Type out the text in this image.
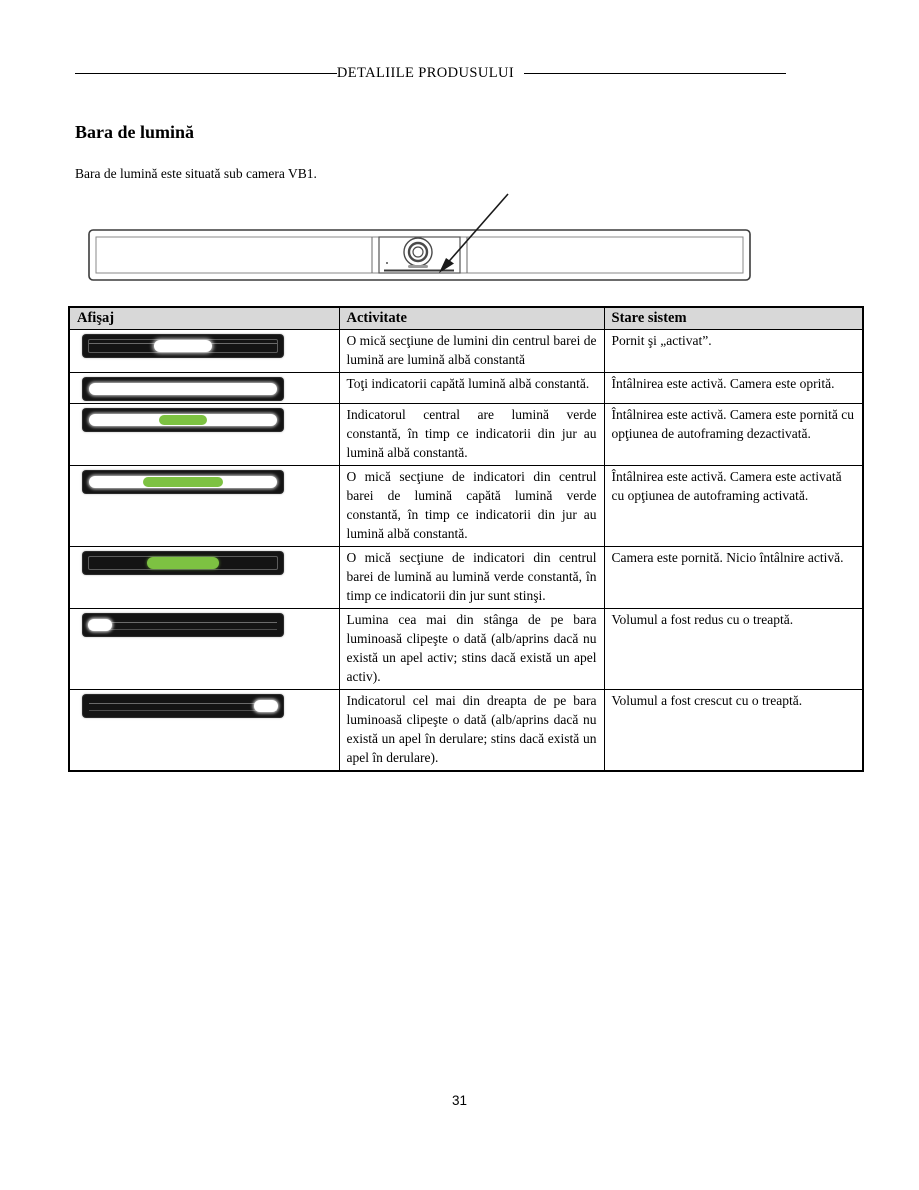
DETALIILE PRODUSULUI
Bara de lumină

Bara de lumină este situată sub camera VB1.

Afişaj	Activitate	Stare sistem

	O mică secţiune de lumini din centrul barei de lumină are lumină albă constantă	Pornit şi „activat”.

	Toţi indicatorii capătă lumină albă constantă.	Întâlnirea este activă. Camera este oprită.

	Indicatorul central are lumină verde constantă, în timp ce indicatorii din jur au lumină albă constantă.	Întâlnirea este activă. Camera este pornită cu opţiunea de autoframing dezactivată.

	O mică secţiune de indicatori din centrul barei de lumină capătă lumină verde constantă, în timp ce indicatorii din jur au lumină albă constantă.	Întâlnirea este activă. Camera este activată cu opţiunea de autoframing activată.

	O mică secţiune de indicatori din centrul barei de lumină au lumină verde constantă, în timp ce indicatorii din jur sunt stinşi.	Camera este pornită. Nicio întâlnire activă.

	Lumina cea mai din stânga de pe bara luminoasă clipeşte o dată (alb/aprins dacă nu există un apel activ; stins dacă există un apel activ).	Volumul a fost redus cu o treaptă.

	Indicatorul cel mai din dreapta de pe bara luminoasă clipeşte o dată (alb/aprins dacă nu există un apel în derulare; stins dacă există un apel în derulare).	Volumul a fost crescut cu o treaptă.
31
